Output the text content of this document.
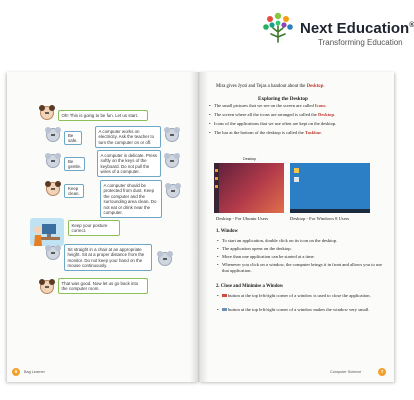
Next Education®
Transforming Education
Oh! This is going to be fun. Let us start.
Be safe.
A computer works on electricity. Ask the teacher to turn the computer on or off.
Be gentle.
A computer is delicate. Press softly on the keys of the keyboard. Do not pull the wires of a computer.
Keep clean.
A computer should be protected from dust. Keep the computer and the surrounding area clean. Do not eat or drink near the computer.
Keep your posture correct.
Sit straight in a chair at an appropriate height. Sit at a proper distance from the monitor. Do not keep your hand on the mouse continuously.
That was good. Now let us go back into the computer room.
6	Bag Learner
Mira gives Jyoti and Tejas a handout about the Desktop.
Exploring the Desktop
• The small pictures that we see on the screen are called Icons.
• The screen where all the icons are arranged is called the Desktop.
• Icons of the applications that we use often are kept on the desktop.
• The bar at the bottom of the desktop is called the Taskbar.
Desktop
Desktop - For Ubuntu Users	Desktop - For Windows 8 Users
1. Window
• To start an application, double click on its icon on the desktop.
• The application opens on the desktop.
• More than one application can be started at a time.
• Whenever you click on a window, the computer brings it in front and allows you to use that application.
2. Close and Minimise a Window
• button at the top left/right corner of a window is used to close the application.
• button at the top left/right corner of a window makes the window very small.
Computer Science	7
